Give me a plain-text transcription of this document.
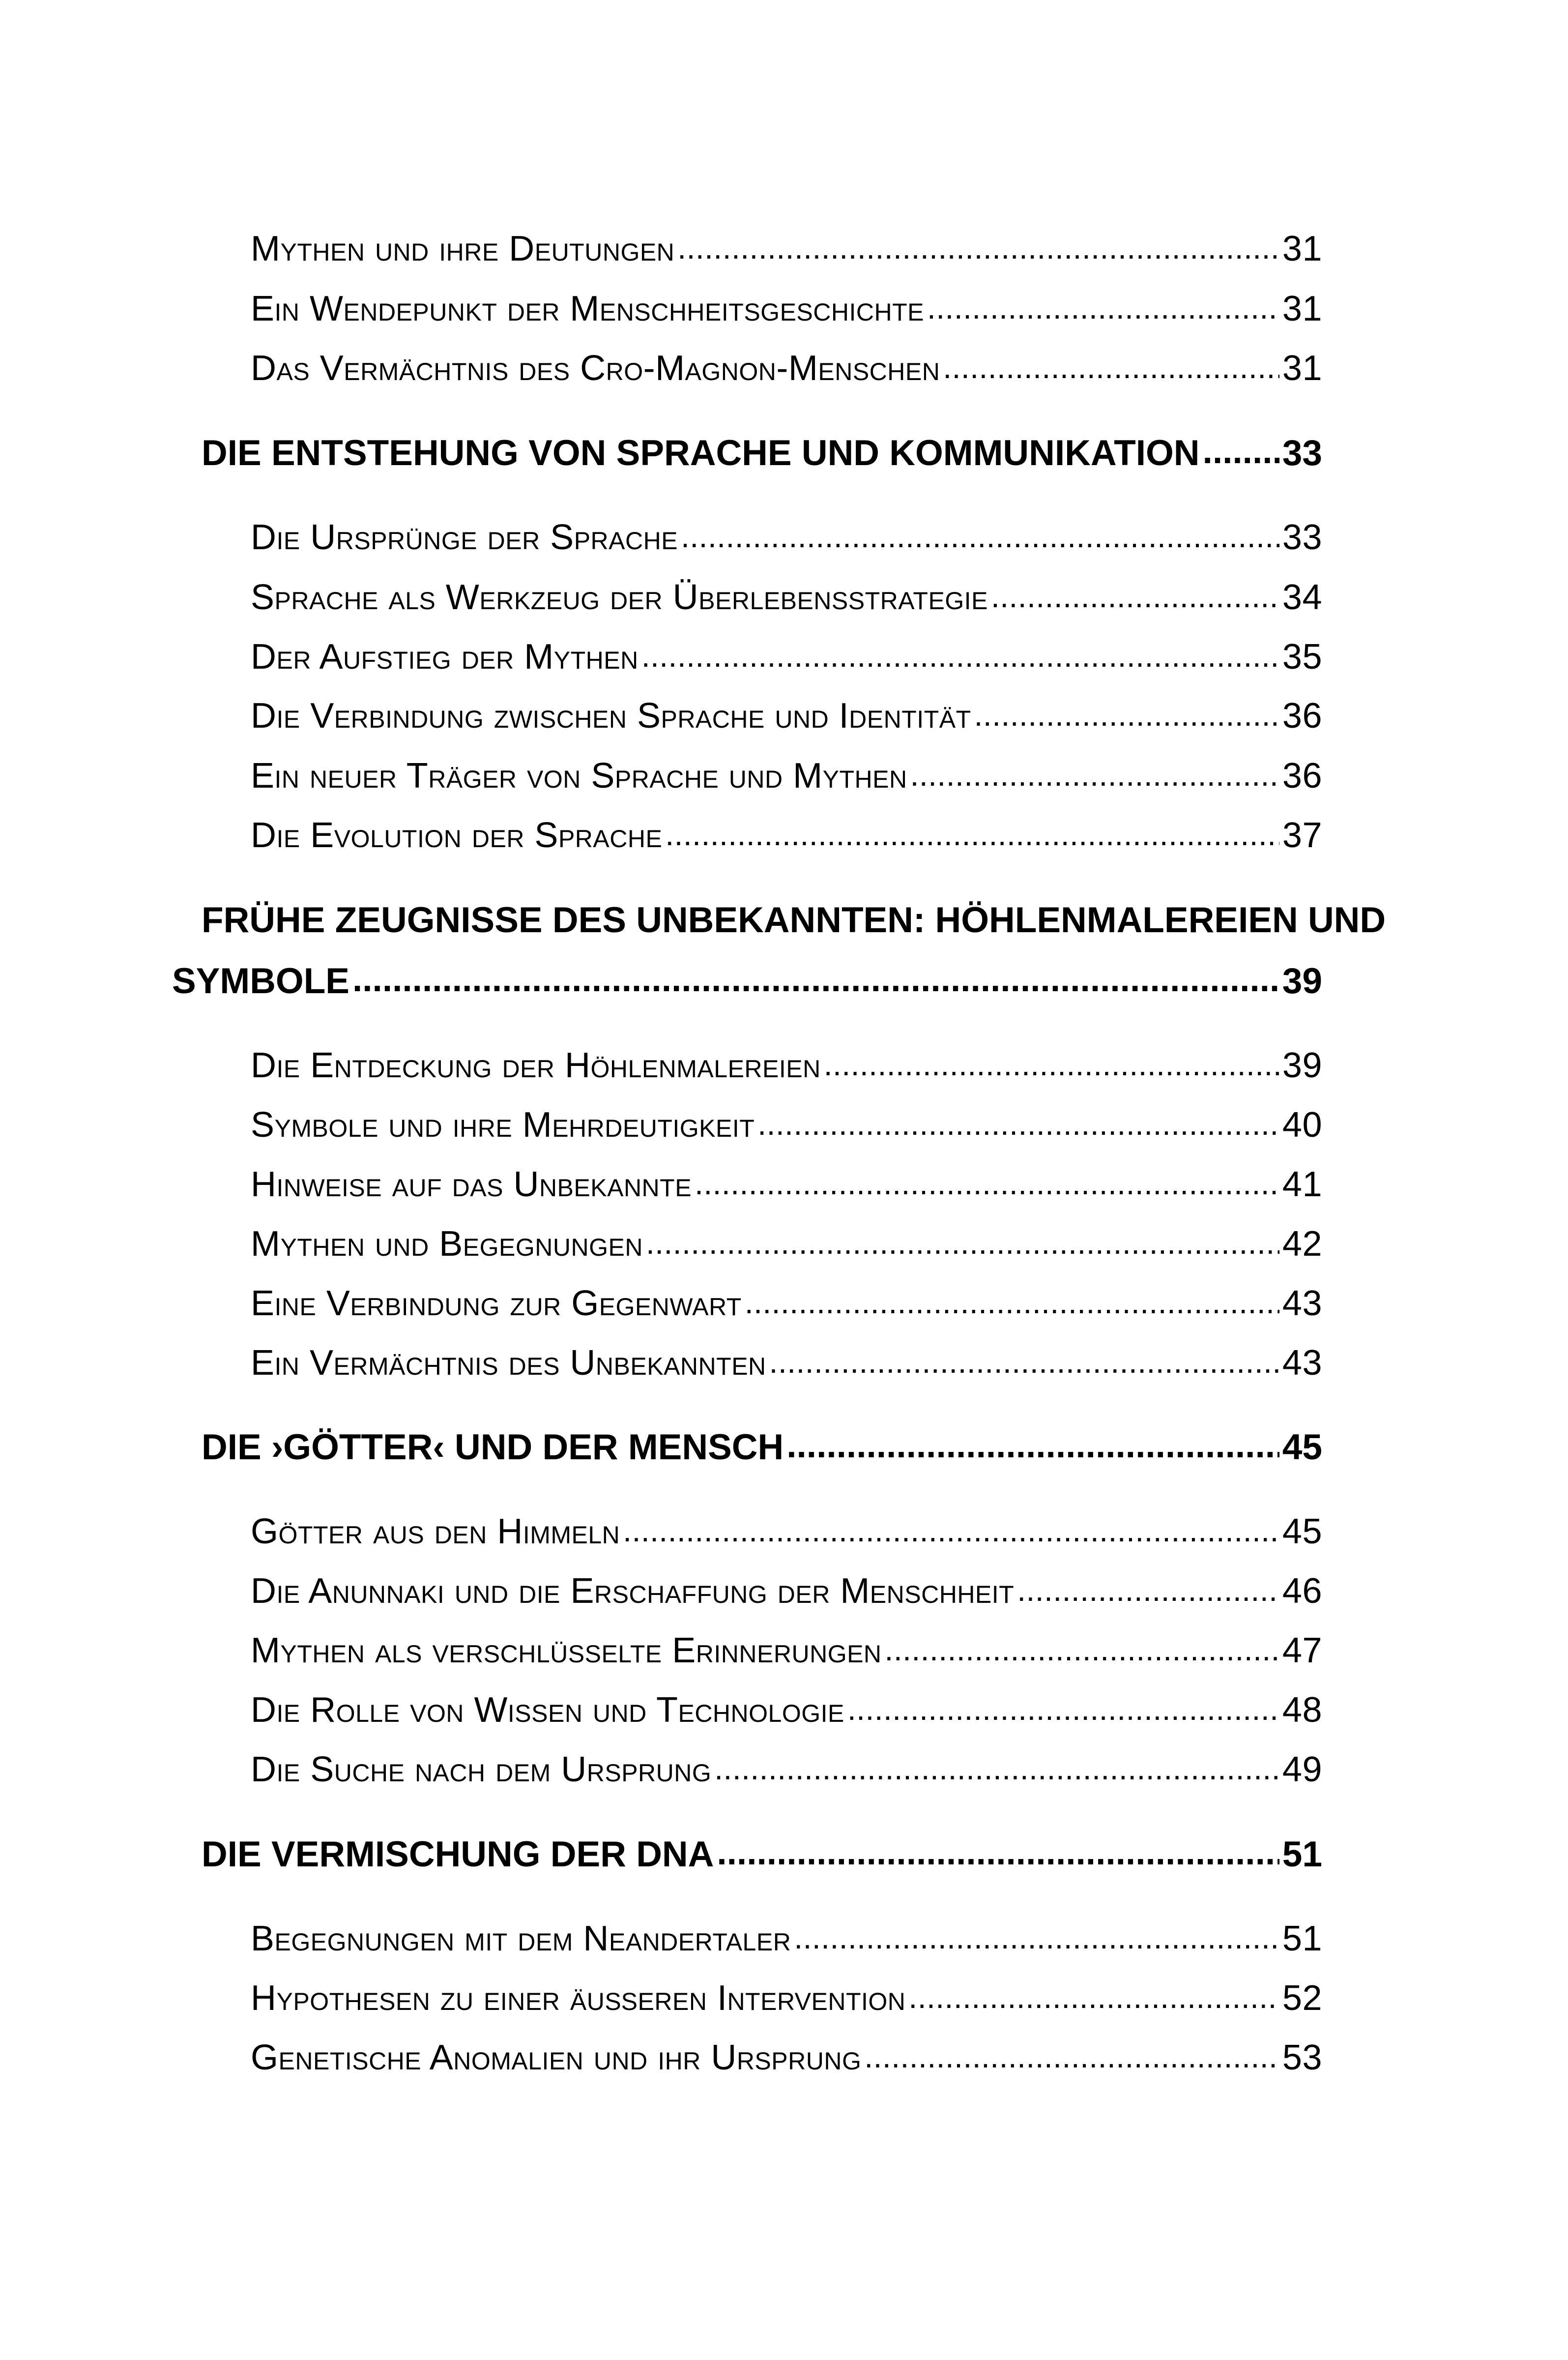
Mythen und ihre Deutungen .....	31
Ein Wendepunkt der Menschheitsgeschichte .....	31
Das Vermächtnis des Cro-Magnon-Menschen .....	31
DIE ENTSTEHUNG VON SPRACHE UND KOMMUNIKATION ..... 33
Die Ursprünge der Sprache .....	33
Sprache als Werkzeug der Überlebensstrategie .....	34
Der Aufstieg der Mythen .....	35
Die Verbindung zwischen Sprache und Identität .....	36
Ein neuer Träger von Sprache und Mythen .....	36
Die Evolution der Sprache .....	37
FRÜHE ZEUGNISSE DES UNBEKANNTEN: HÖHLENMALEREIEN UND
SYMBOLE .....	39
Die Entdeckung der Höhlenmalereien .....	39
Symbole und ihre Mehrdeutigkeit .....	40
Hinweise auf das Unbekannte .....	41
Mythen und Begegnungen .....	42
Eine Verbindung zur Gegenwart .....	43
Ein Vermächtnis des Unbekannten .....	43
DIE ›GÖTTER‹ UND DER MENSCH .....	45
Götter aus den Himmeln .....	45
Die Anunnaki und die Erschaffung der Menschheit .....	46
Mythen als verschlüsselte Erinnerungen .....	47
Die Rolle von Wissen und Technologie .....	48
Die Suche nach dem Ursprung .....	49
DIE VERMISCHUNG DER DNA .....	51
Begegnungen mit dem Neandertaler .....	51
Hypothesen zu einer äußeren Intervention .....	52
Genetische Anomalien und ihr Ursprung .....	53
